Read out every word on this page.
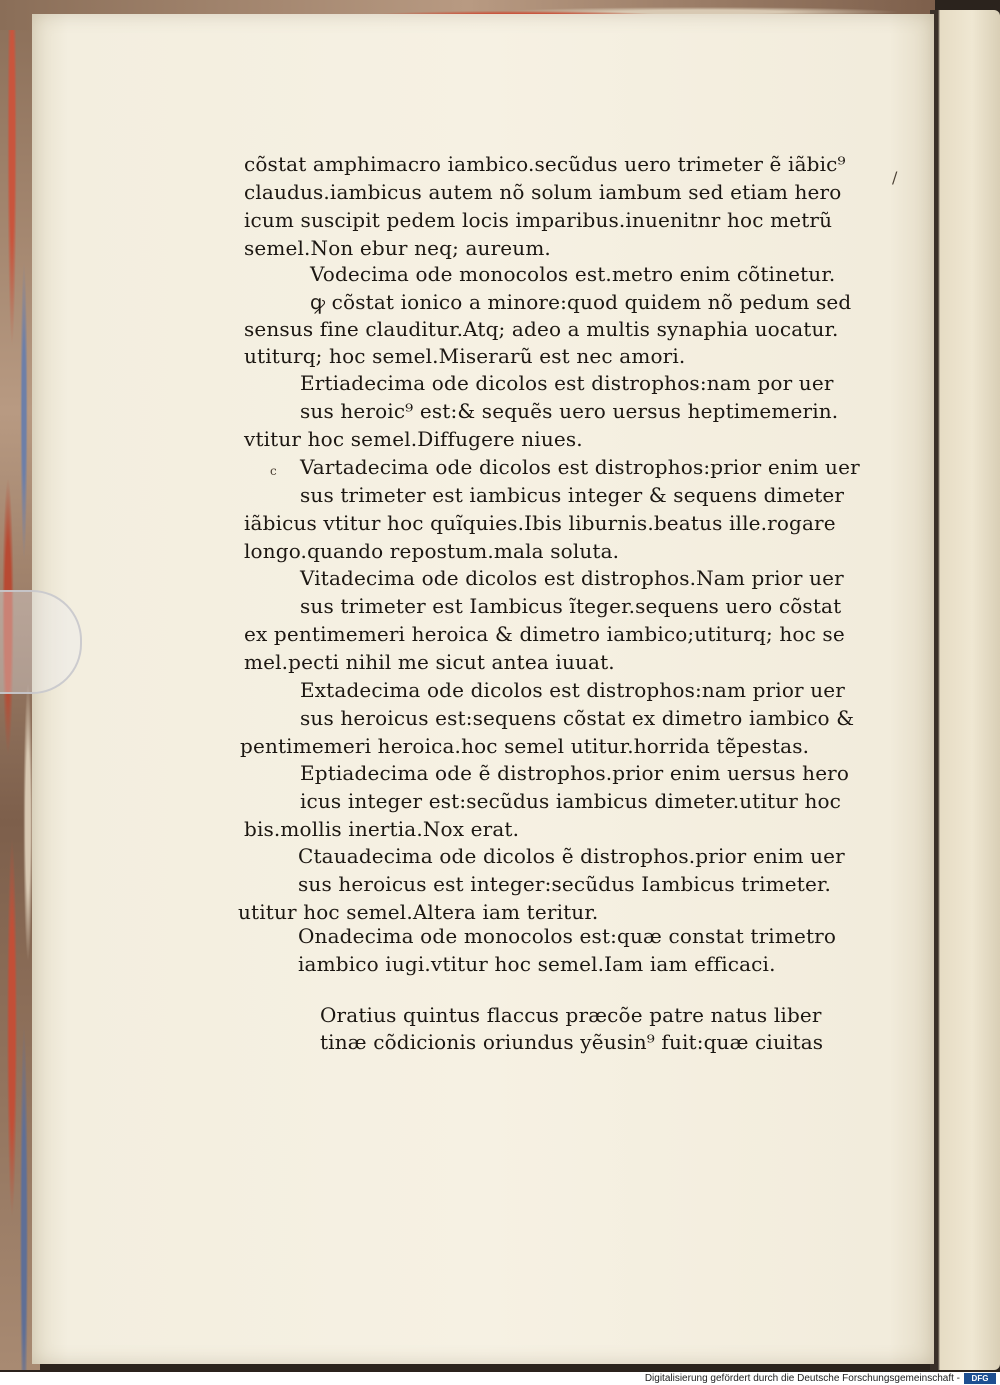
cõstat amphimacro iambico.secũdus uero trimeter ẽ iãbic⁹
claudus.iambicus autem nõ solum iambum sed etiam hero
icum suscipit pedem locis imparibus.inuenitnr hoc metrũ
semel.Non ebur neq; aureum.
Vodecima ode monocolos est.metro enim cõtinetur.
ꝙ cõstat ionico a minore:quod quidem nõ pedum sed
sensus fine clauditur.Atq; adeo a multis synaphia uocatur.
utiturq; hoc semel.Miserarũ est nec amori.
Ertiadecima ode dicolos est distrophos:nam por uer
sus heroic⁹ est:& sequẽs uero uersus heptimemerin.
vtitur hoc semel.Diffugere niues.
Vartadecima ode dicolos est distrophos:prior enim uer
sus trimeter est iambicus integer & sequens dimeter
iãbicus vtitur hoc quĩquies.Ibis liburnis.beatus ille.rogare
longo.quando repostum.mala soluta.
Vitadecima ode dicolos est distrophos.Nam prior uer
sus trimeter est Iambicus ĩteger.sequens uero cõstat
ex pentimemeri heroica & dimetro iambico;utiturq; hoc se
mel.pecti nihil me sicut antea iuuat.
Extadecima ode dicolos est distrophos:nam prior uer
sus heroicus est:sequens cõstat ex dimetro iambico &
pentimemeri heroica.hoc semel utitur.horrida tẽpestas.
Eptiadecima ode ẽ distrophos.prior enim uersus hero
icus integer est:secũdus iambicus dimeter.utitur hoc
bis.mollis inertia.Nox erat.
Ctauadecima ode dicolos ẽ distrophos.prior enim uer
sus heroicus est integer:secũdus Iambicus trimeter.
utitur hoc semel.Altera iam teritur.
Onadecima ode monocolos est:quæ constat trimetro
iambico iugi.vtitur hoc semel.Iam iam efficaci.
Oratius quintus flaccus præcõe patre natus liber
tinæ cõdicionis oriundus yẽusin⁹ fuit:quæ ciuitas
/
c
Digitalisierung gefördert durch die Deutsche Forschungsgemeinschaft -	DFG
